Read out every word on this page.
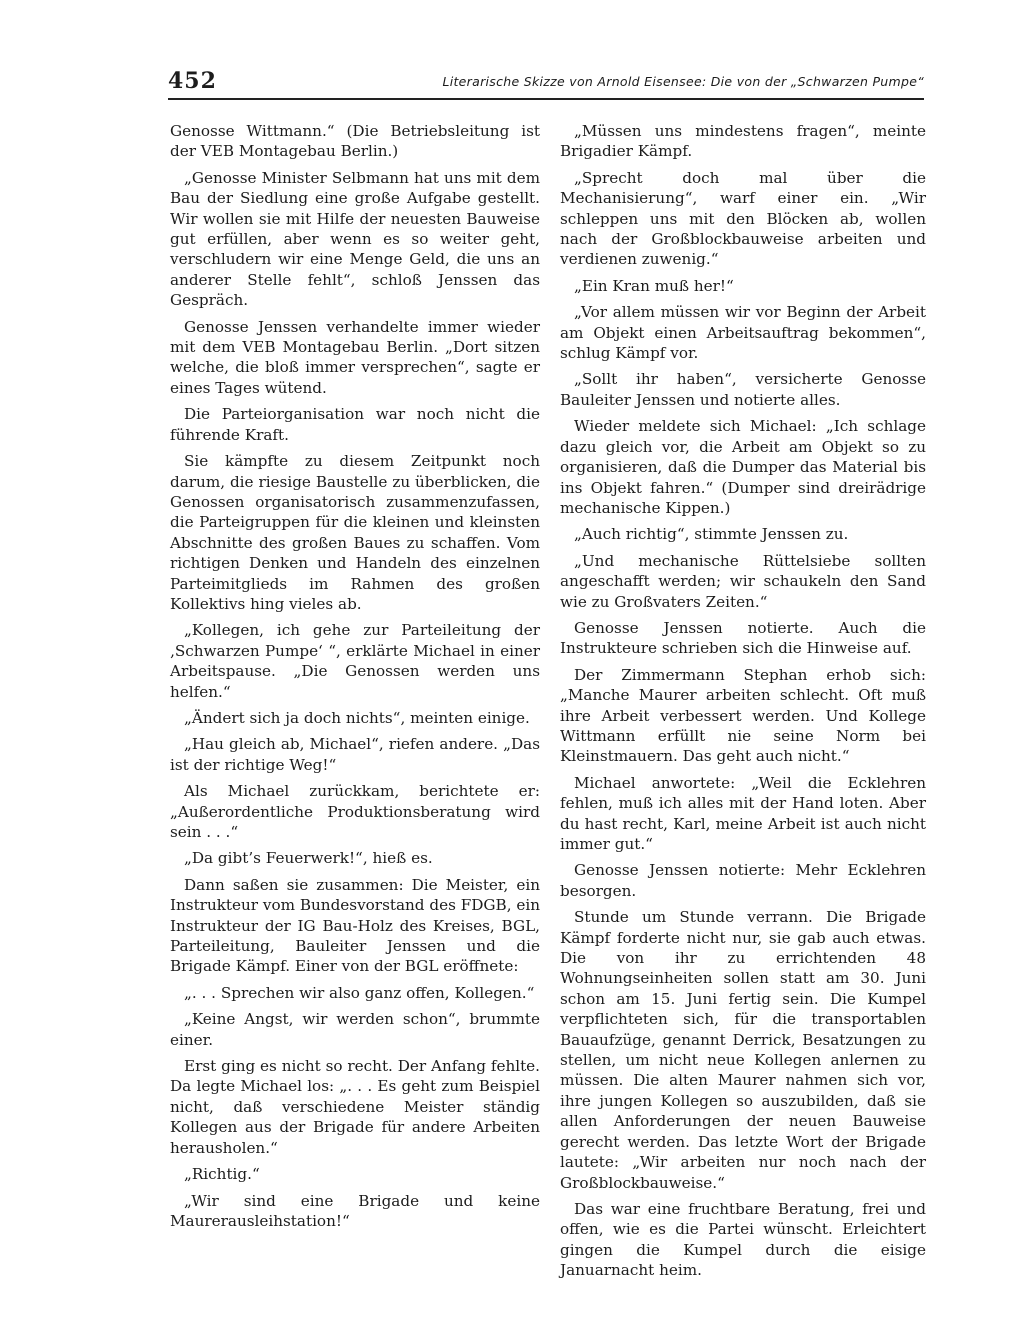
452	Literarische Skizze von Arnold Eisensee: Die von der „Schwarzen Pumpe“

Genosse Wittmann.“ (Die Betriebsleitung ist der VEB Montagebau Berlin.)

„Genosse Minister Selbmann hat uns mit dem Bau der Siedlung eine große Aufgabe gestellt. Wir wollen sie mit Hilfe der neuesten Bauweise gut erfüllen, aber wenn es so weiter geht, verschludern wir eine Menge Geld, die uns an anderer Stelle fehlt“, schloß Jenssen das Gespräch.

Genosse Jenssen verhandelte immer wieder mit dem VEB Montagebau Berlin. „Dort sitzen welche, die bloß immer versprechen“, sagte er eines Tages wütend.

Die Parteiorganisation war noch nicht die führende Kraft.

Sie kämpfte zu diesem Zeitpunkt noch darum, die riesige Baustelle zu überblicken, die Genossen organisatorisch zusammenzufassen, die Parteigruppen für die kleinen und kleinsten Abschnitte des großen Baues zu schaffen. Vom richtigen Denken und Handeln des einzelnen Parteimitglieds im Rahmen des großen Kollektivs hing vieles ab.

„Kollegen, ich gehe zur Parteileitung der ‚Schwarzen Pumpe‘ “, erklärte Michael in einer Arbeitspause. „Die Genossen werden uns helfen.“

„Ändert sich ja doch nichts“, meinten einige.

„Hau gleich ab, Michael“, riefen andere. „Das ist der richtige Weg!“

Als Michael zurückkam, berichtete er: „Außerordentliche Produktionsberatung wird sein . . .“

„Da gibt’s Feuerwerk!“, hieß es.

Dann saßen sie zusammen: Die Meister, ein Instrukteur vom Bundesvorstand des FDGB, ein Instrukteur der IG Bau-Holz des Kreises, BGL, Parteileitung, Bauleiter Jenssen und die Brigade Kämpf. Einer von der BGL eröffnete:

„. . . Sprechen wir also ganz offen, Kollegen.“

„Keine Angst, wir werden schon“, brummte einer.

Erst ging es nicht so recht. Der Anfang fehlte. Da legte Michael los: „. . . Es geht zum Beispiel nicht, daß verschiedene Meister ständig Kollegen aus der Brigade für andere Arbeiten herausholen.“

„Richtig.“

„Wir sind eine Brigade und keine Maurerausleihstation!“

„Müssen uns mindestens fragen“, meinte Brigadier Kämpf.

„Sprecht doch mal über die Mechanisierung“, warf einer ein. „Wir schleppen uns mit den Blöcken ab, wollen nach der Großblockbauweise arbeiten und verdienen zuwenig.“

„Ein Kran muß her!“

„Vor allem müssen wir vor Beginn der Arbeit am Objekt einen Arbeitsauftrag bekommen“, schlug Kämpf vor.

„Sollt ihr haben“, versicherte Genosse Bauleiter Jenssen und notierte alles.

Wieder meldete sich Michael: „Ich schlage dazu gleich vor, die Arbeit am Objekt so zu organisieren, daß die Dumper das Material bis ins Objekt fahren.“ (Dumper sind dreirädrige mechanische Kippen.)

„Auch richtig“, stimmte Jenssen zu.

„Und mechanische Rüttelsiebe sollten angeschafft werden; wir schaukeln den Sand wie zu Großvaters Zeiten.“

Genosse Jenssen notierte. Auch die Instrukteure schrieben sich die Hinweise auf.

Der Zimmermann Stephan erhob sich: „Manche Maurer arbeiten schlecht. Oft muß ihre Arbeit verbessert werden. Und Kollege Wittmann erfüllt nie seine Norm bei Kleinstmauern. Das geht auch nicht.“

Michael anwortete: „Weil die Ecklehren fehlen, muß ich alles mit der Hand loten. Aber du hast recht, Karl, meine Arbeit ist auch nicht immer gut.“

Genosse Jenssen notierte: Mehr Ecklehren besorgen.

Stunde um Stunde verrann. Die Brigade Kämpf forderte nicht nur, sie gab auch etwas. Die von ihr zu errichtenden 48 Wohnungseinheiten sollen statt am 30. Juni schon am 15. Juni fertig sein. Die Kumpel verpflichteten sich, für die transportablen Bauaufzüge, genannt Derrick, Besatzungen zu stellen, um nicht neue Kollegen anlernen zu müssen. Die alten Maurer nahmen sich vor, ihre jungen Kollegen so auszubilden, daß sie allen Anforderungen der neuen Bauweise gerecht werden. Das letzte Wort der Brigade lautete: „Wir arbeiten nur noch nach der Großblockbauweise.“

Das war eine fruchtbare Beratung, frei und offen, wie es die Partei wünscht. Erleichtert gingen die Kumpel durch die eisige Januarnacht heim.
